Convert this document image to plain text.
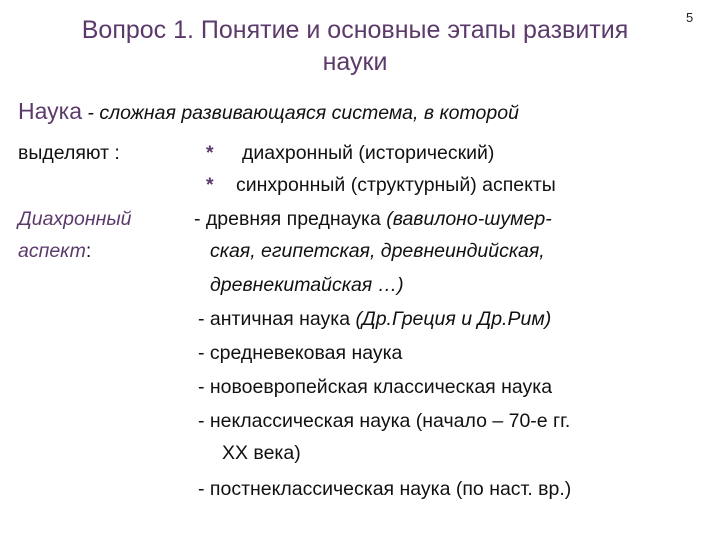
Вопрос 1. Понятие и основные этапы развития
науки
5
Наука - сложная развивающаяся система, в которой
выделяют :	* диахронный (исторический)
* синхронный (структурный) аспекты
Диахронный
аспект:
- древняя преднаука (вавилоно-шумер-
ская, египетская, древнеиндийская,
древнекитайская …)
- античная наука (Др.Греция и Др.Рим)
- средневековая наука
- новоевропейская классическая наука
- неклассическая наука (начало – 70-е гг.
XX века)
- постнеклассическая наука (по наст. вр.)
